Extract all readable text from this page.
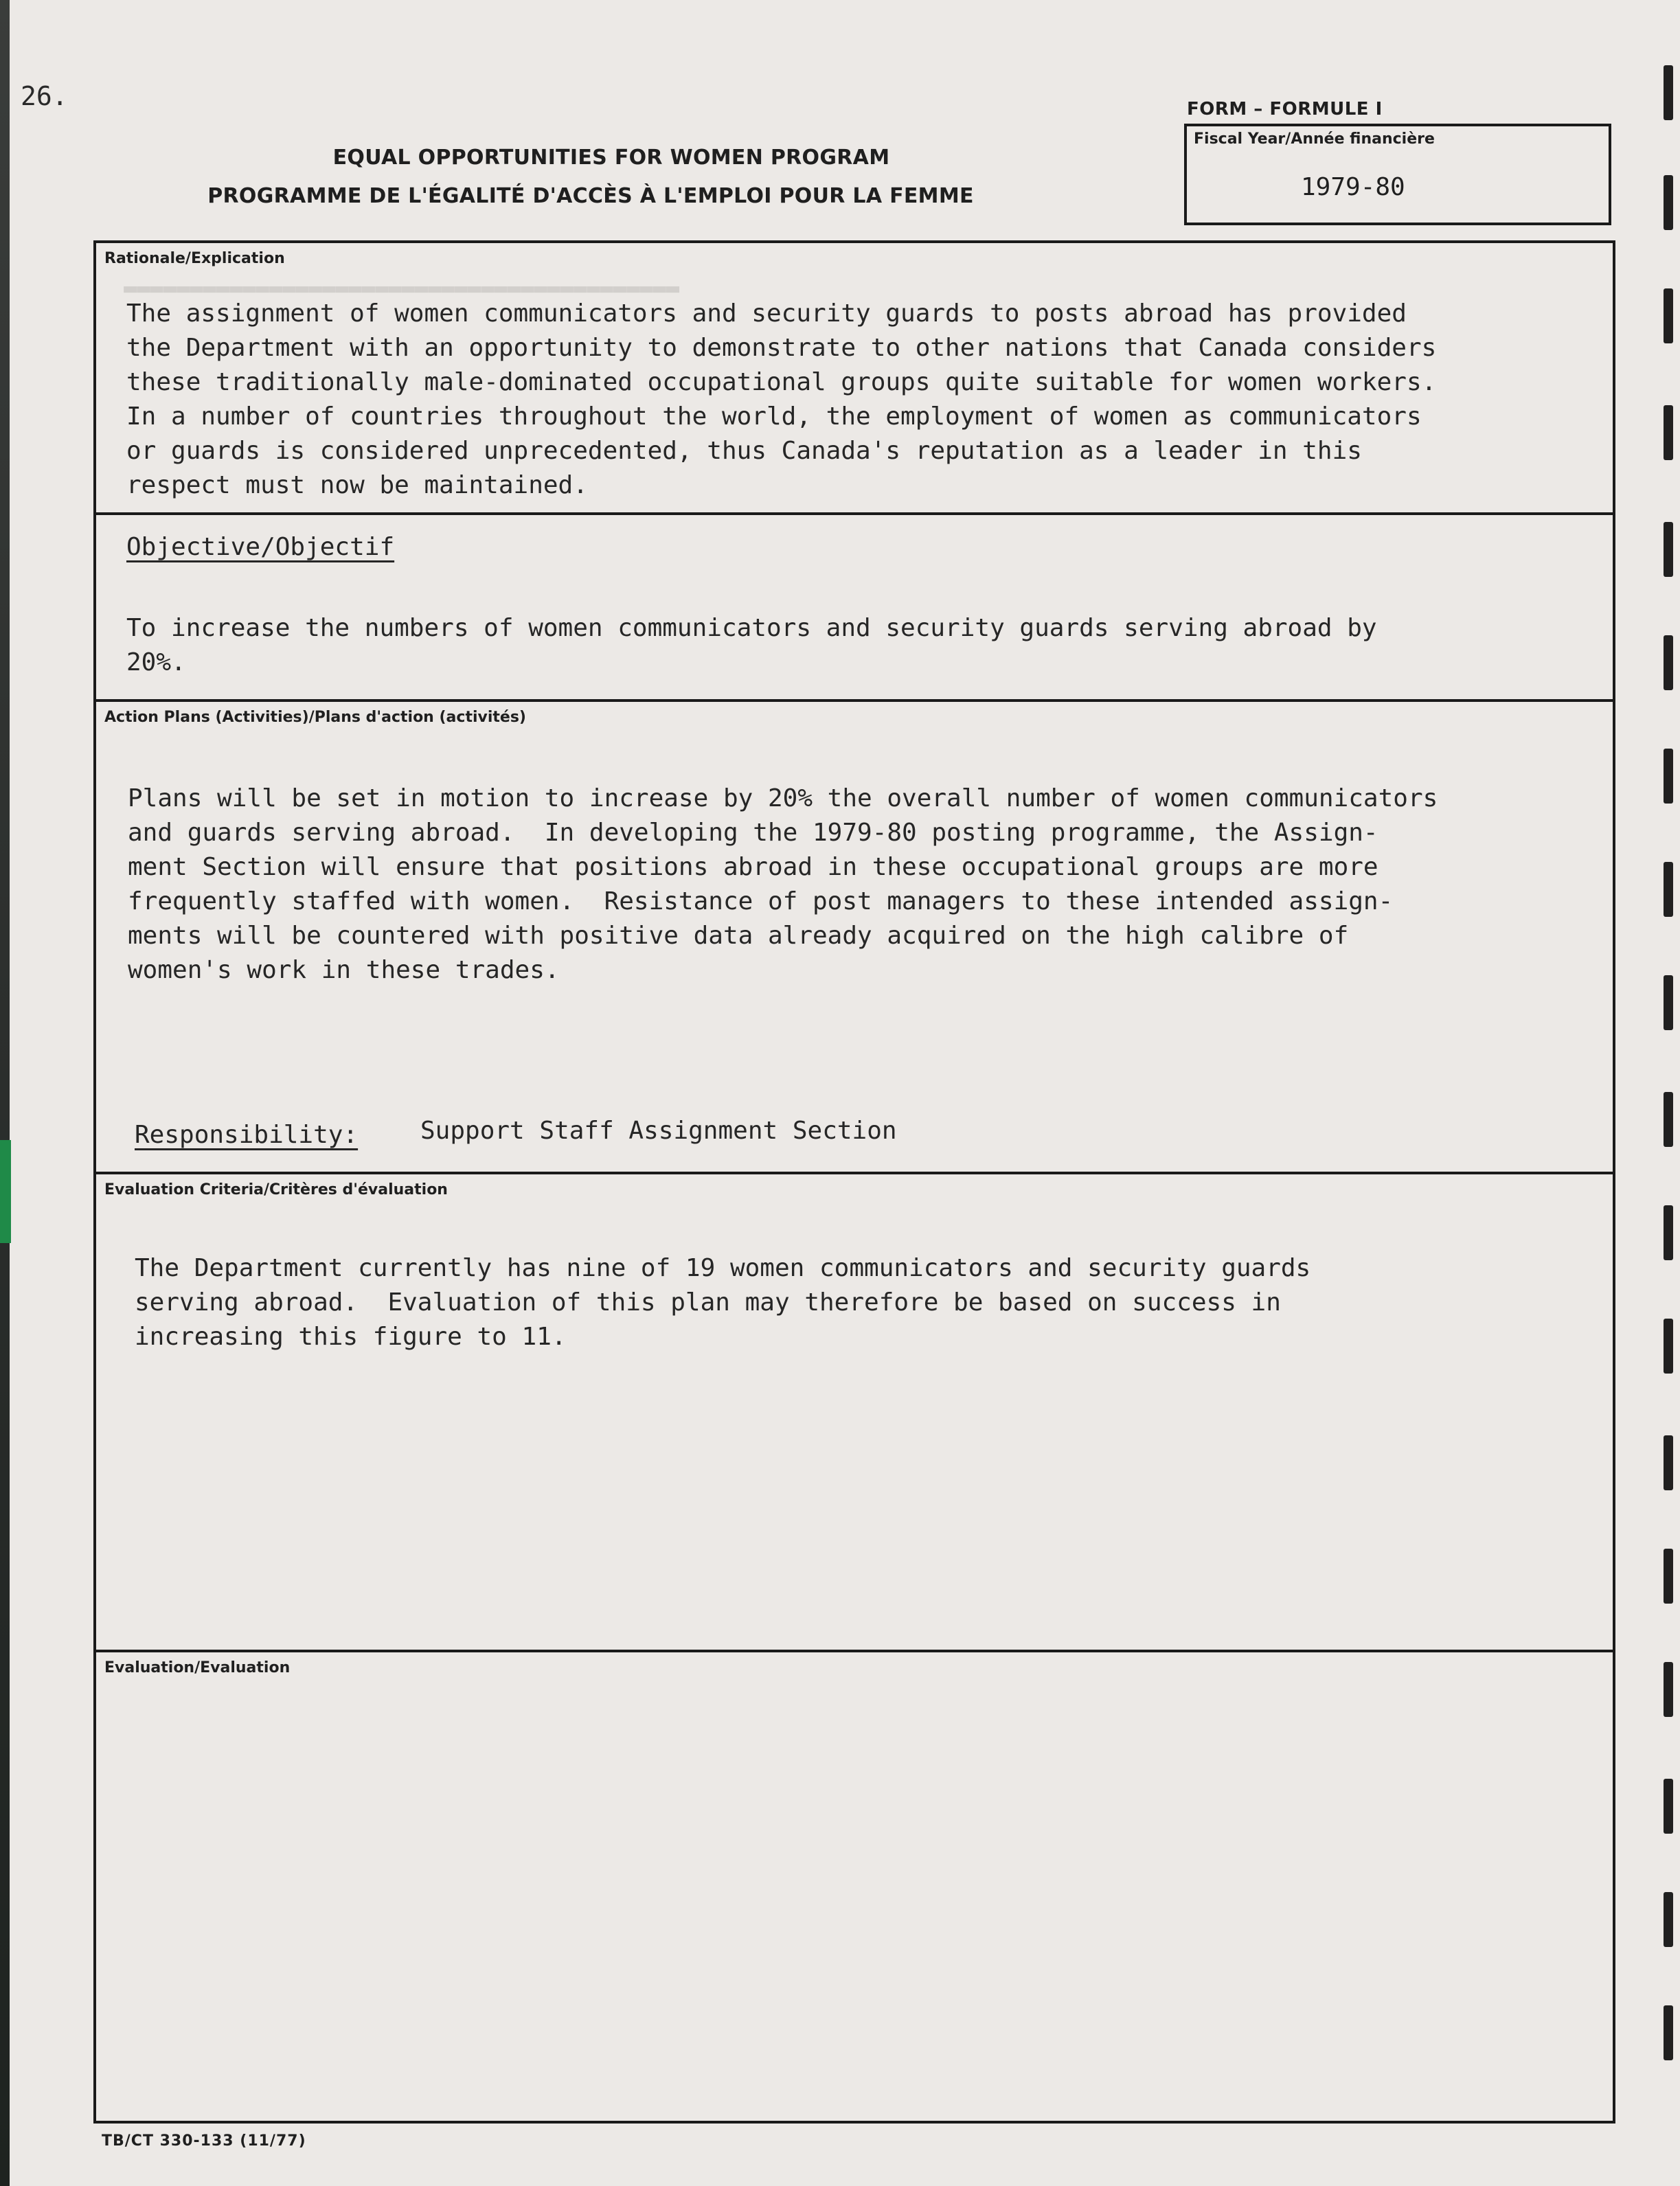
▬▬▬▬▬▬▬▬▬▬▬▬▬▬▬▬▬▬▬▬▬▬▬▬▬▬▬▬▬▬▬▬▬▬▬▬▬▬▬▬▬▬
26.	FORM – FORMULE I
EQUAL OPPORTUNITIES FOR WOMEN PROGRAM
PROGRAMME DE L'ÉGALITÉ D'ACCÈS À L'EMPLOI POUR LA FEMME
Fiscal Year/Année financière
1979-80
Rationale/Explication
The assignment of women communicators and security guards to posts abroad has provided
the Department with an opportunity to demonstrate to other nations that Canada considers
these traditionally male-dominated occupational groups quite suitable for women workers.
In a number of countries throughout the world, the employment of women as communicators
or guards is considered unprecedented, thus Canada's reputation as a leader in this
respect must now be maintained.
Objective/Objectif
To increase the numbers of women communicators and security guards serving abroad by
20%.
Action Plans (Activities)/Plans d'action (activités)
Plans will be set in motion to increase by 20% the overall number of women communicators
and guards serving abroad.  In developing the 1979-80 posting programme, the Assign-
ment Section will ensure that positions abroad in these occupational groups are more
frequently staffed with women.  Resistance of post managers to these intended assign-
ments will be countered with positive data already acquired on the high calibre of
women's work in these trades.
Responsibility:	Support Staff Assignment Section
Evaluation Criteria/Critères d'évaluation
The Department currently has nine of 19 women communicators and security guards
serving abroad.  Evaluation of this plan may therefore be based on success in
increasing this figure to 11.
Evaluation/Evaluation
TB/CT 330-133 (11/77)
